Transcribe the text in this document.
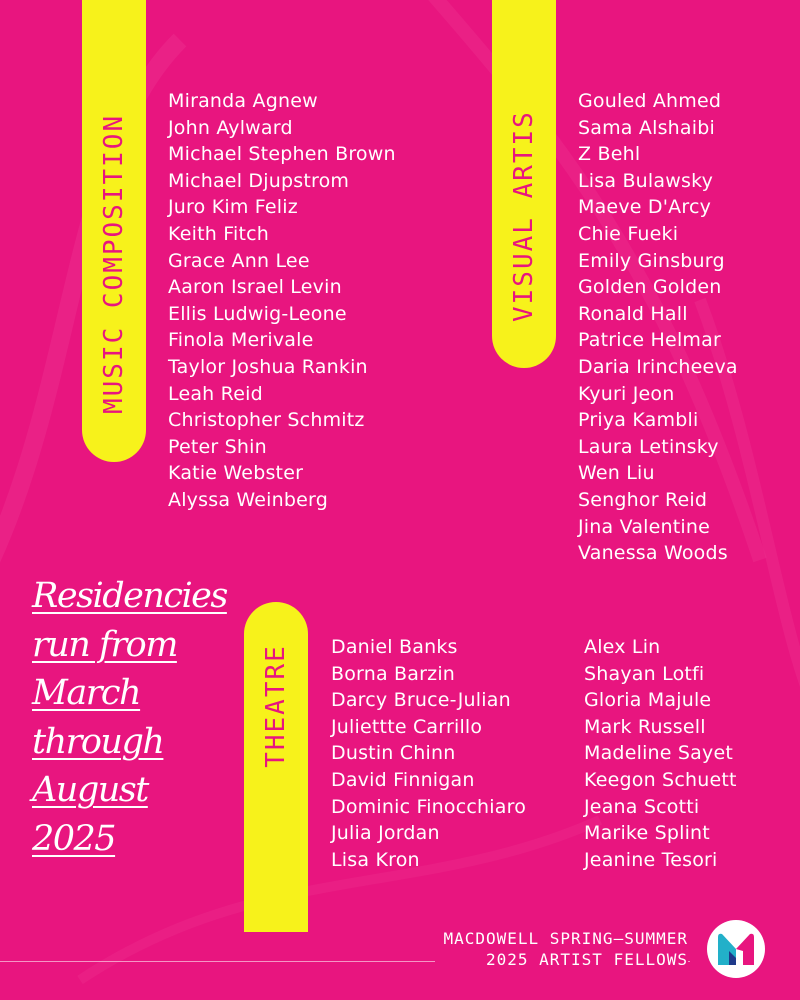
MUSIC COMPOSITION	VISUAL ARTIS
THEATRE
Miranda Agnew
John Aylward
Michael Stephen Brown
Michael Djupstrom
Juro Kim Feliz
Keith Fitch
Grace Ann Lee
Aaron Israel Levin
Ellis Ludwig-Leone
Finola Merivale
Taylor Joshua Rankin
Leah Reid
Christopher Schmitz
Peter Shin
Katie Webster
Alyssa Weinberg
Gouled Ahmed
Sama Alshaibi
Z Behl
Lisa Bulawsky
Maeve D'Arcy
Chie Fueki
Emily Ginsburg
Golden Golden
Ronald Hall
Patrice Helmar
Daria Irincheeva
Kyuri Jeon
Priya Kambli
Laura Letinsky
Wen Liu
Senghor Reid
Jina Valentine
Vanessa Woods
Daniel Banks
Borna Barzin
Darcy Bruce-Julian
Juliettte Carrillo
Dustin Chinn
David Finnigan
Dominic Finocchiaro
Julia Jordan
Lisa Kron
Alex Lin
Shayan Lotfi
Gloria Majule
Mark Russell
Madeline Sayet
Keegon Schuett
Jeana Scotti
Marike Splint
Jeanine Tesori
Residencies
run from
March
through
August
2025
MACDOWELL SPRING—SUMMER
2025 ARTIST FELLOWS
